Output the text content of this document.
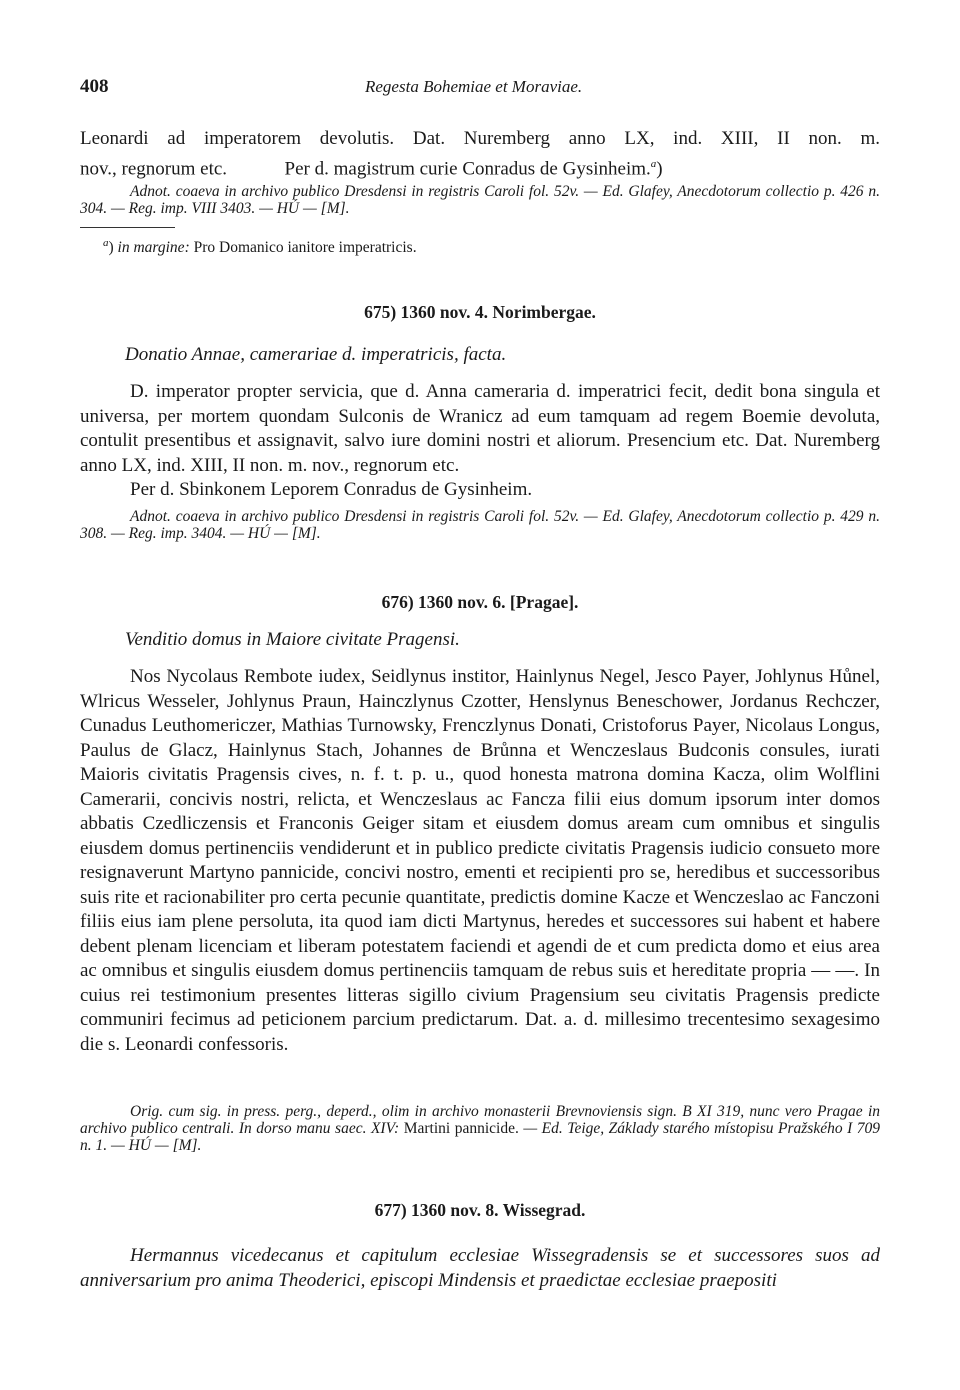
408	Regesta Bohemiae et Moraviae.

Leonardi ad imperatorem devolutis. Dat. Nuremberg anno LX, ind. XIII, II non. m.

nov., regnorum etc.	Per d. magistrum curie Conradus de Gysinheim.$^a$)

Adnot. coaeva in archivo publico Dresdensi in registris Caroli fol. 52v. — Ed. Glafey, Anecdotorum collectio p. 426 n. 304. — Reg. imp. VIII 3403. — HÚ — [M].

$^a$) in margine: Pro Domanico ianitore imperatricis.

675) 1360 nov. 4. Norimbergae.

Donatio Annae, camerariae d. imperatricis, facta.

D. imperator propter servicia, que d. Anna cameraria d. imperatrici fecit, dedit bona singula et universa, per mortem quondam Sulconis de Wranicz ad eum tamquam ad regem Boemie devoluta, contulit presentibus et assignavit, salvo iure domini nostri et aliorum. Presencium etc. Dat. Nuremberg anno LX, ind. XIII, II non. m. nov., regnorum etc.

Per d. Sbinkonem Leporem Conradus de Gysinheim.

Adnot. coaeva in archivo publico Dresdensi in registris Caroli fol. 52v. — Ed. Glafey, Anecdotorum collectio p. 429 n. 308. — Reg. imp. 3404. — HÚ — [M].

676) 1360 nov. 6. [Pragae].

Venditio domus in Maiore civitate Pragensi.

Nos Nycolaus Rembote iudex, Seidlynus institor, Hainlynus Negel, Jesco Payer, Johlynus Hůnel, Wlricus Wesseler, Johlynus Praun, Hainczlynus Czotter, Henslynus Beneschower, Jordanus Rechczer, Cunadus Leuthomericzer, Mathias Turnowsky, Frenczlynus Donati, Cristoforus Payer, Nicolaus Longus, Paulus de Glacz, Hainlynus Stach, Johannes de Brůnna et Wenczeslaus Budconis consules, iurati Maioris civitatis Pragensis cives, n. f. t. p. u., quod honesta matrona domina Kacza, olim Wolflini Camerarii, concivis nostri, relicta, et Wenczeslaus ac Fancza filii eius domum ipsorum inter domos abbatis Czedliczensis et Franconis Geiger sitam et eiusdem domus aream cum omnibus et singulis eiusdem domus pertinenciis vendiderunt et in publico predicte civitatis Pragensis iudicio consueto more resignaverunt Martyno pannicide, concivi nostro, ementi et recipienti pro se, heredibus et successoribus suis rite et racionabiliter pro certa pecunie quantitate, predictis domine Kacze et Wenczeslao ac Fanczoni filiis eius iam plene persoluta, ita quod iam dicti Martynus, heredes et successores sui habent et habere debent plenam licenciam et liberam potestatem faciendi et agendi de et cum predicta domo et eius area ac omnibus et singulis eiusdem domus pertinenciis tamquam de rebus suis et hereditate propria — —. In cuius rei testimonium presentes litteras sigillo civium Pragensium seu civitatis Pragensis predicte communiri fecimus ad peticionem parcium predictarum. Dat. a. d. millesimo trecentesimo sexagesimo die s. Leonardi confessoris.

Orig. cum sig. in press. perg., deperd., olim in archivo monasterii Brevnoviensis sign. B XI 319, nunc vero Pragae in archivo publico centrali. In dorso manu saec. XIV: Martini pannicide. — Ed. Teige, Základy starého místopisu Pražského I 709 n. 1. — HÚ — [M].

677) 1360 nov. 8. Wissegrad.

Hermannus vicedecanus et capitulum ecclesiae Wissegradensis se et successores suos ad anniversarium pro anima Theoderici, episcopi Mindensis et praedictae ecclesiae praepositi
